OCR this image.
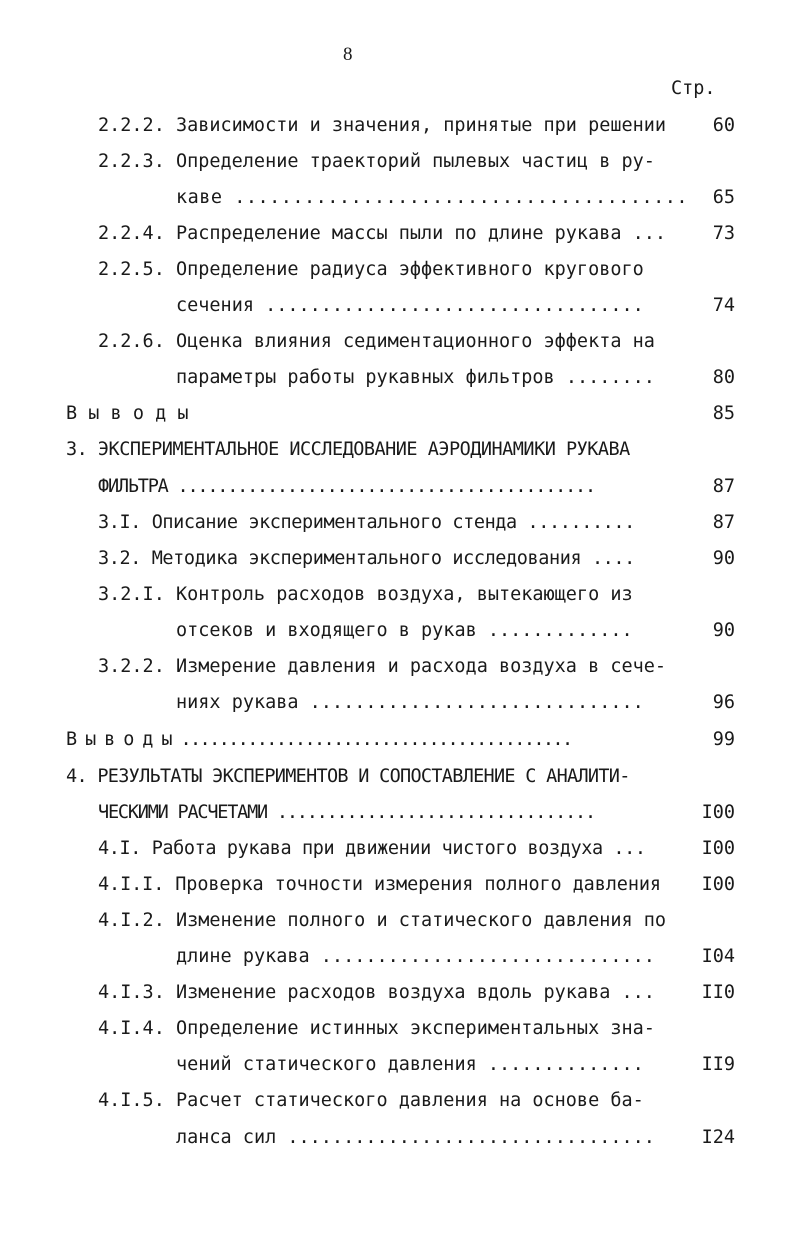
8
Стр.
2.2.2. Зависимости и значения, принятые при решении	60
2.2.3. Определение траекторий пылевых частиц в ру-
каве .......................................	65
2.2.4. Распределение массы пыли по длине рукава ...	73
2.2.5. Определение радиуса эффективного кругового
сечения ..................................	74
2.2.6. Оценка влияния седиментационного эффекта на
параметры работы рукавных фильтров ........	80
В ы в о д ы	85
3. ЭКСПЕРИМЕНТАЛЬНОЕ ИССЛЕДОВАНИЕ АЭРОДИНАМИКИ РУКАВА
ФИЛЬТРА ..........................................	87
3.I. Описание экспериментального стенда ..........	87
3.2. Методика экспериментального исследования ....	90
3.2.I. Контроль расходов воздуха, вытекающего из
отсеков и входящего в рукав .............	90
3.2.2. Измерение давления и расхода воздуха в сече-
ниях рукава ..............................	96
В ы в о д ы .........................................	99
4. РЕЗУЛЬТАТЫ ЭКСПЕРИМЕНТОВ И СОПОСТАВЛЕНИЕ С АНАЛИТИ-
ЧЕСКИМИ РАСЧЕТАМИ ................................	I00
4.I. Работа рукава при движении чистого воздуха ...	I00
4.I.I. Проверка точности измерения полного давления	I00
4.I.2. Изменение полного и статического давления по
длине рукава ..............................	I04
4.I.3. Изменение расходов воздуха вдоль рукава ...	II0
4.I.4. Определение истинных экспериментальных зна-
чений статического давления ..............	II9
4.I.5. Расчет статического давления на основе ба-
ланса сил .................................	I24
